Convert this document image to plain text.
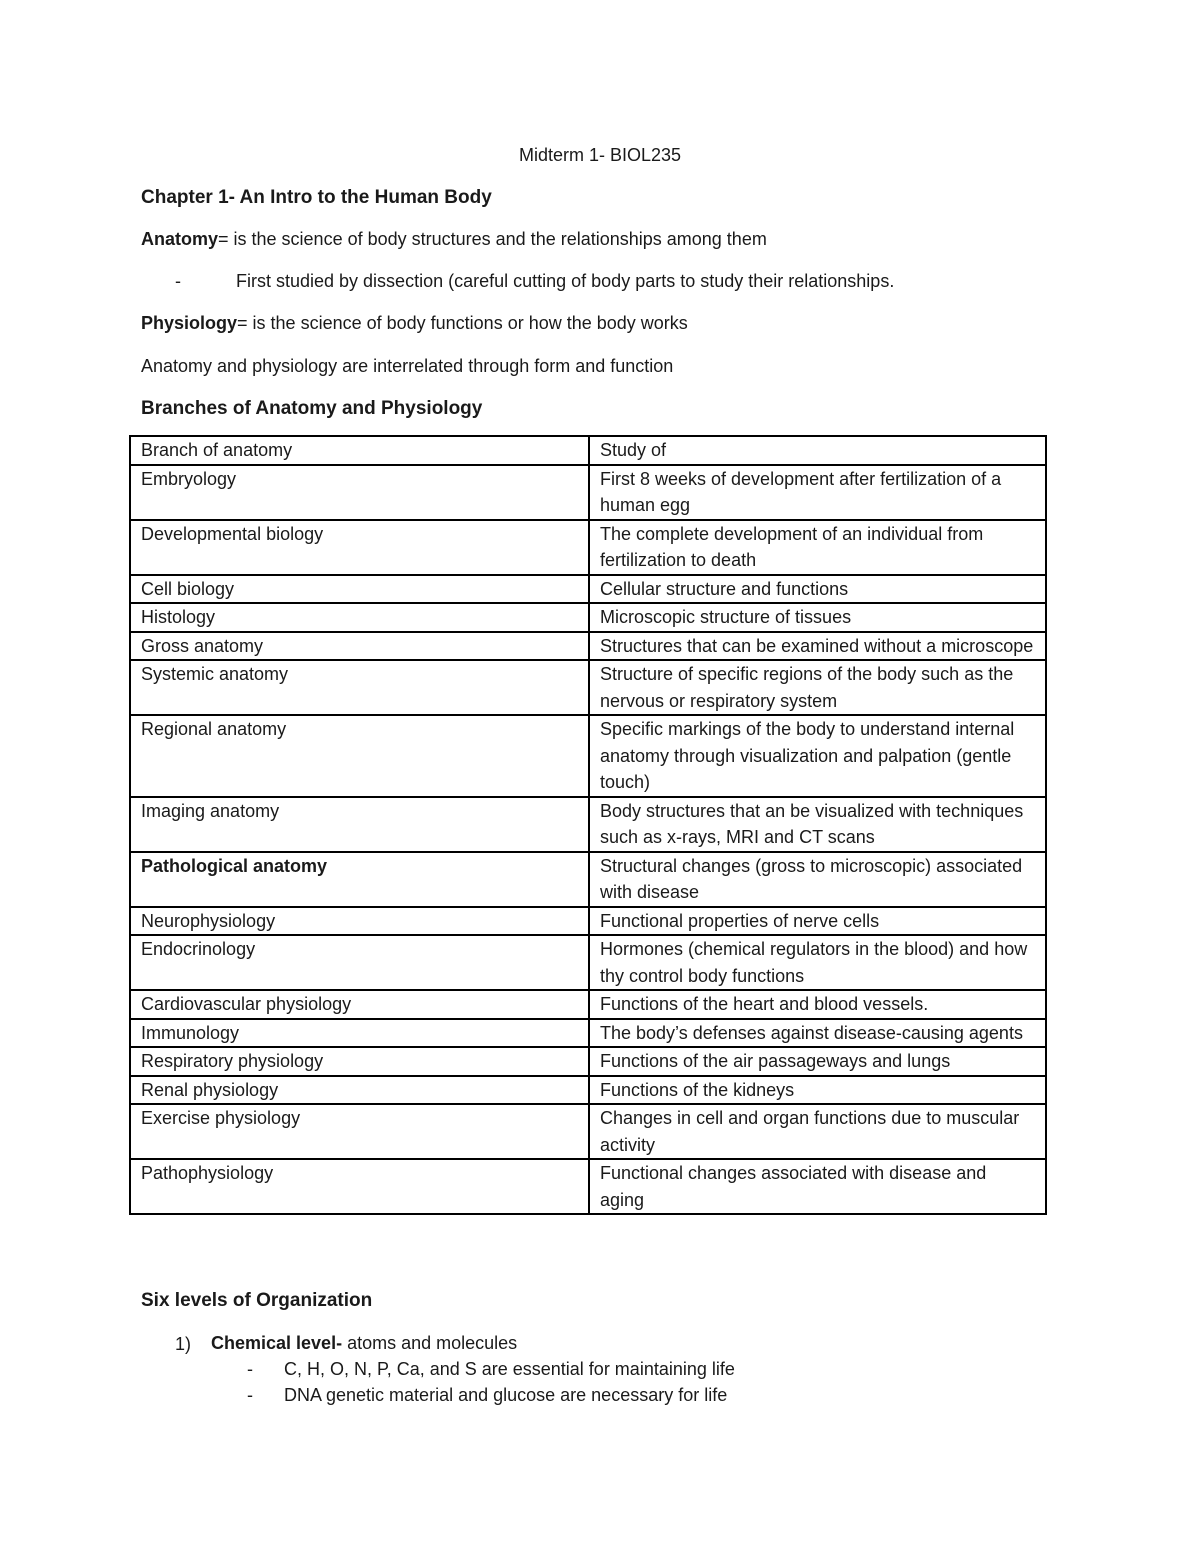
Midterm 1- BIOL235
Chapter 1- An Intro to the Human Body
Anatomy= is the science of body structures and the relationships among them
-	First studied by dissection (careful cutting of body parts to study their relationships.
Physiology= is the science of body functions or how the body works
Anatomy and physiology are interrelated through form and function
Branches of Anatomy and Physiology
Branch of anatomy	Study of
Embryology	First 8 weeks of development after fertilization of a human egg
Developmental biology	The complete development of an individual from fertilization to death
Cell biology	Cellular structure and functions
Histology	Microscopic structure of tissues
Gross anatomy	Structures that can be examined without a microscope
Systemic anatomy	Structure of specific regions of the body such as the nervous or respiratory system
Regional anatomy	Specific markings of the body to understand internal anatomy through visualization and palpation (gentle touch)
Imaging anatomy	Body structures that an be visualized with techniques such as x-rays, MRI and CT scans
Pathological anatomy	Structural changes (gross to microscopic) associated with disease
Neurophysiology	Functional properties of nerve cells
Endocrinology	Hormones (chemical regulators in the blood) and how thy control body functions
Cardiovascular physiology	Functions of the heart and blood vessels.
Immunology	The body’s defenses against disease-causing agents
Respiratory physiology	Functions of the air passageways and lungs
Renal physiology	Functions of the kidneys
Exercise physiology	Changes in cell and organ functions due to muscular activity
Pathophysiology	Functional changes associated with disease and aging
Six levels of Organization
1) Chemical level- atoms and molecules
- C, H, O, N, P, Ca, and S are essential for maintaining life
- DNA genetic material and glucose are necessary for life
